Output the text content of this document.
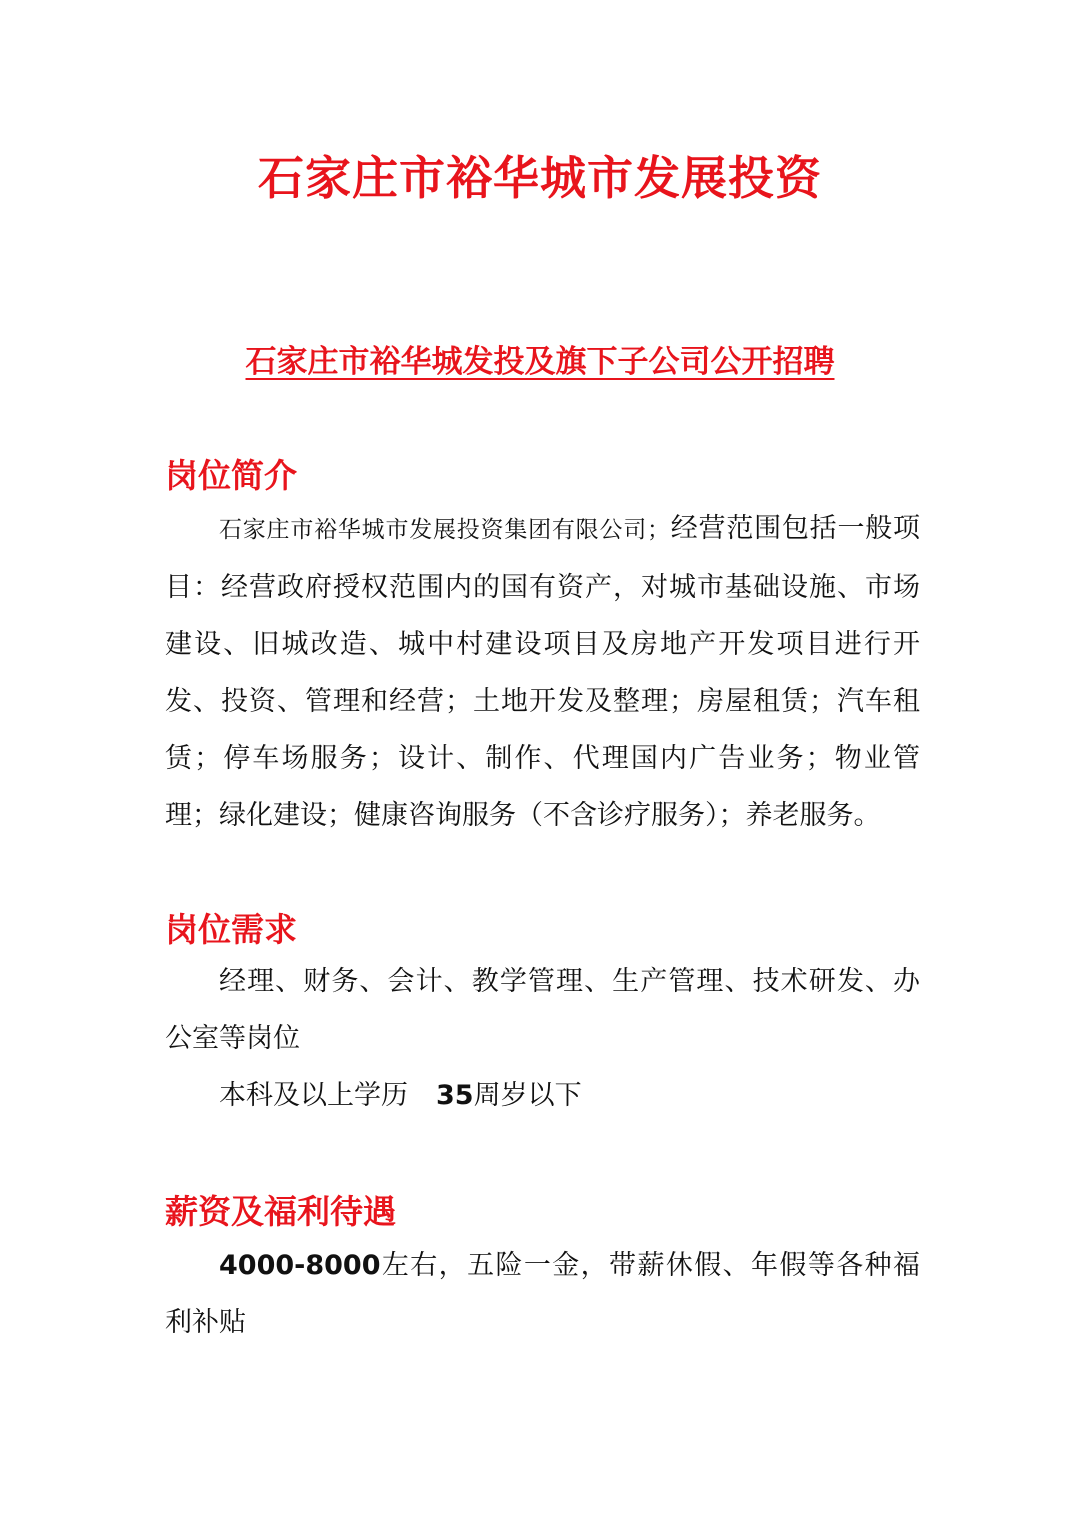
石家庄市裕华城市发展投资
石家庄市裕华城发投及旗下子公司公开招聘
岗位简介

石家庄市裕华城市发展投资集团有限公司；经营范围包括一般项目：经营政府授权范围内的国有资产，对城市基础设施、市场建设、旧城改造、城中村建设项目及房地产开发项目进行开发、投资、管理和经营；土地开发及整理；房屋租赁；汽车租赁；停车场服务；设计、制作、代理国内广告业务；物业管理；绿化建设；健康咨询服务（不含诊疗服务）；养老服务。

岗位需求

经理、财务、会计、教学管理、生产管理、技术研发、办公室等岗位

本科及以上学历 35周岁以下

薪资及福利待遇

4000-8000左右，五险一金，带薪休假、年假等各种福利补贴
